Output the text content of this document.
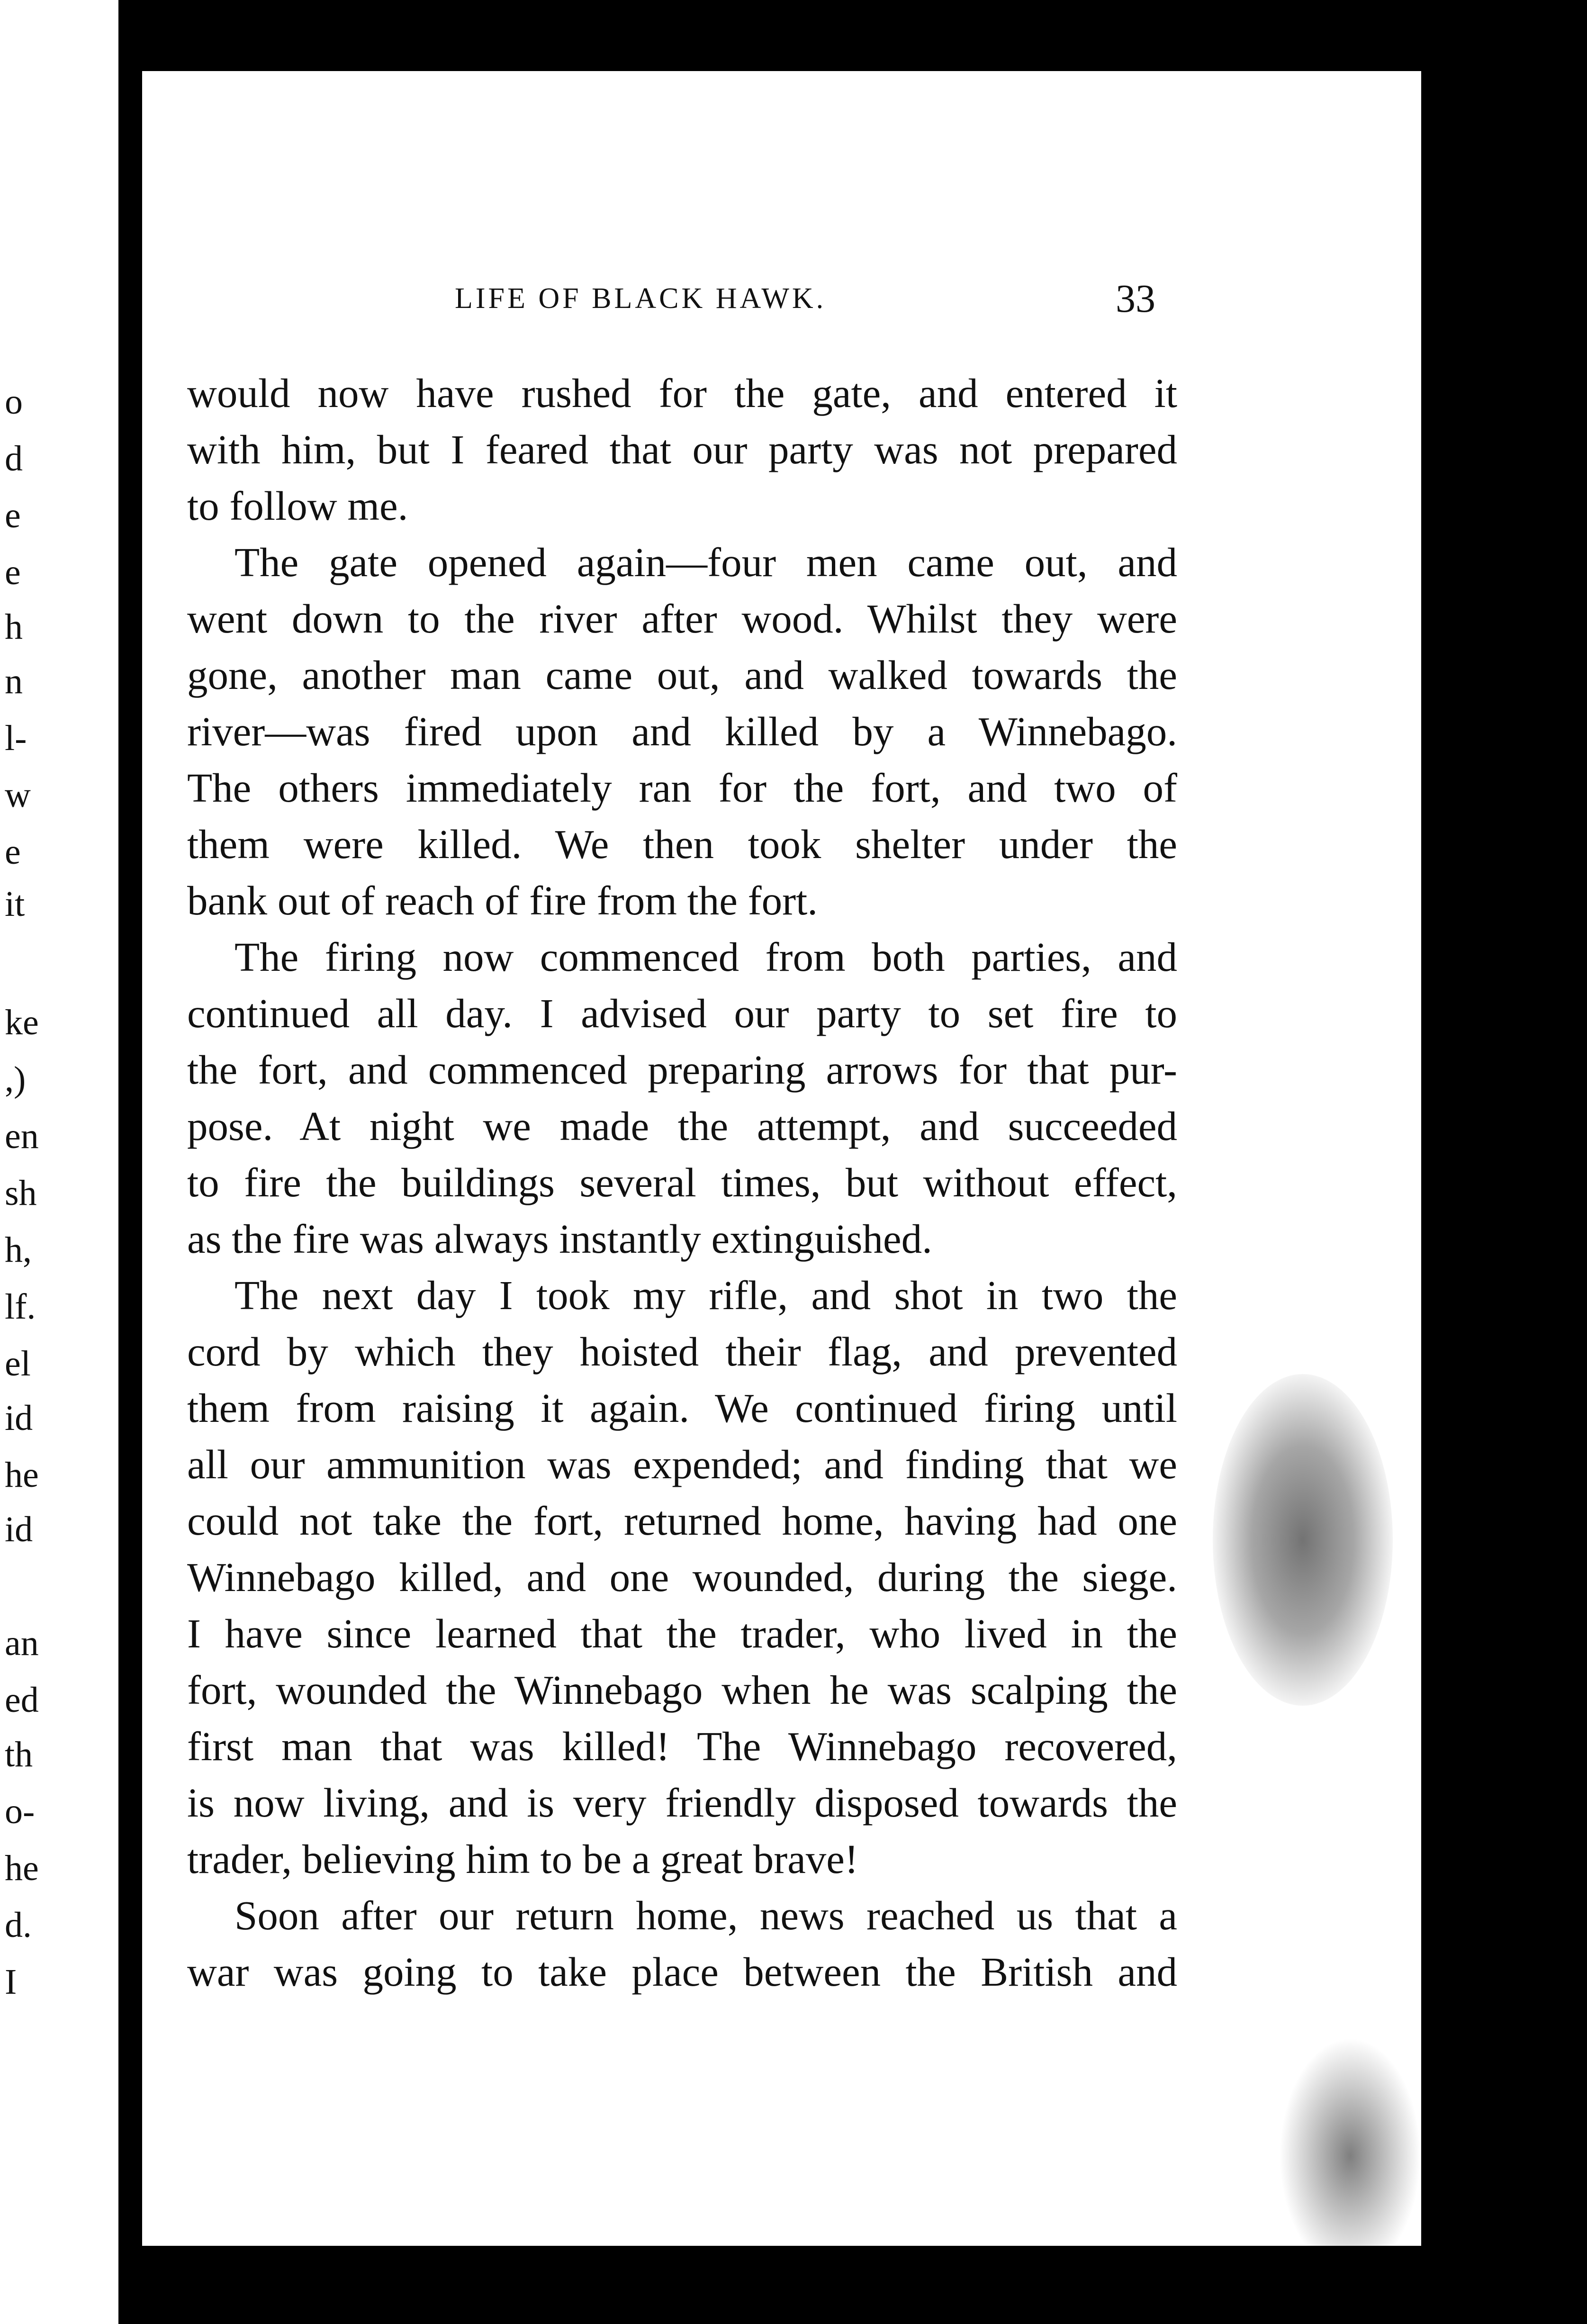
o
d
e
e
h
n
l-
w
e
it
ke
,)
en
sh
h,
lf.
el
id
he
id
an
ed
th
o-
he
d.
I
LIFE OF BLACK HAWK.	33
would now have rushed for the gate, and entered it
with him, but I feared that our party was not prepared
to follow me.
The gate opened again—four men came out, and
went down to the river after wood. Whilst they were
gone, another man came out, and walked towards the
river—was fired upon and killed by a Winnebago.
The others immediately ran for the fort, and two of
them were killed. We then took shelter under the
bank out of reach of fire from the fort.
The firing now commenced from both parties, and
continued all day. I advised our party to set fire to
the fort, and commenced preparing arrows for that pur-
pose. At night we made the attempt, and succeeded
to fire the buildings several times, but without effect,
as the fire was always instantly extinguished.
The next day I took my rifle, and shot in two the
cord by which they hoisted their flag, and prevented
them from raising it again. We continued firing until
all our ammunition was expended; and finding that we
could not take the fort, returned home, having had one
Winnebago killed, and one wounded, during the siege.
I have since learned that the trader, who lived in the
fort, wounded the Winnebago when he was scalping the
first man that was killed! The Winnebago recovered,
is now living, and is very friendly disposed towards the
trader, believing him to be a great brave!
Soon after our return home, news reached us that a
war was going to take place between the British and
